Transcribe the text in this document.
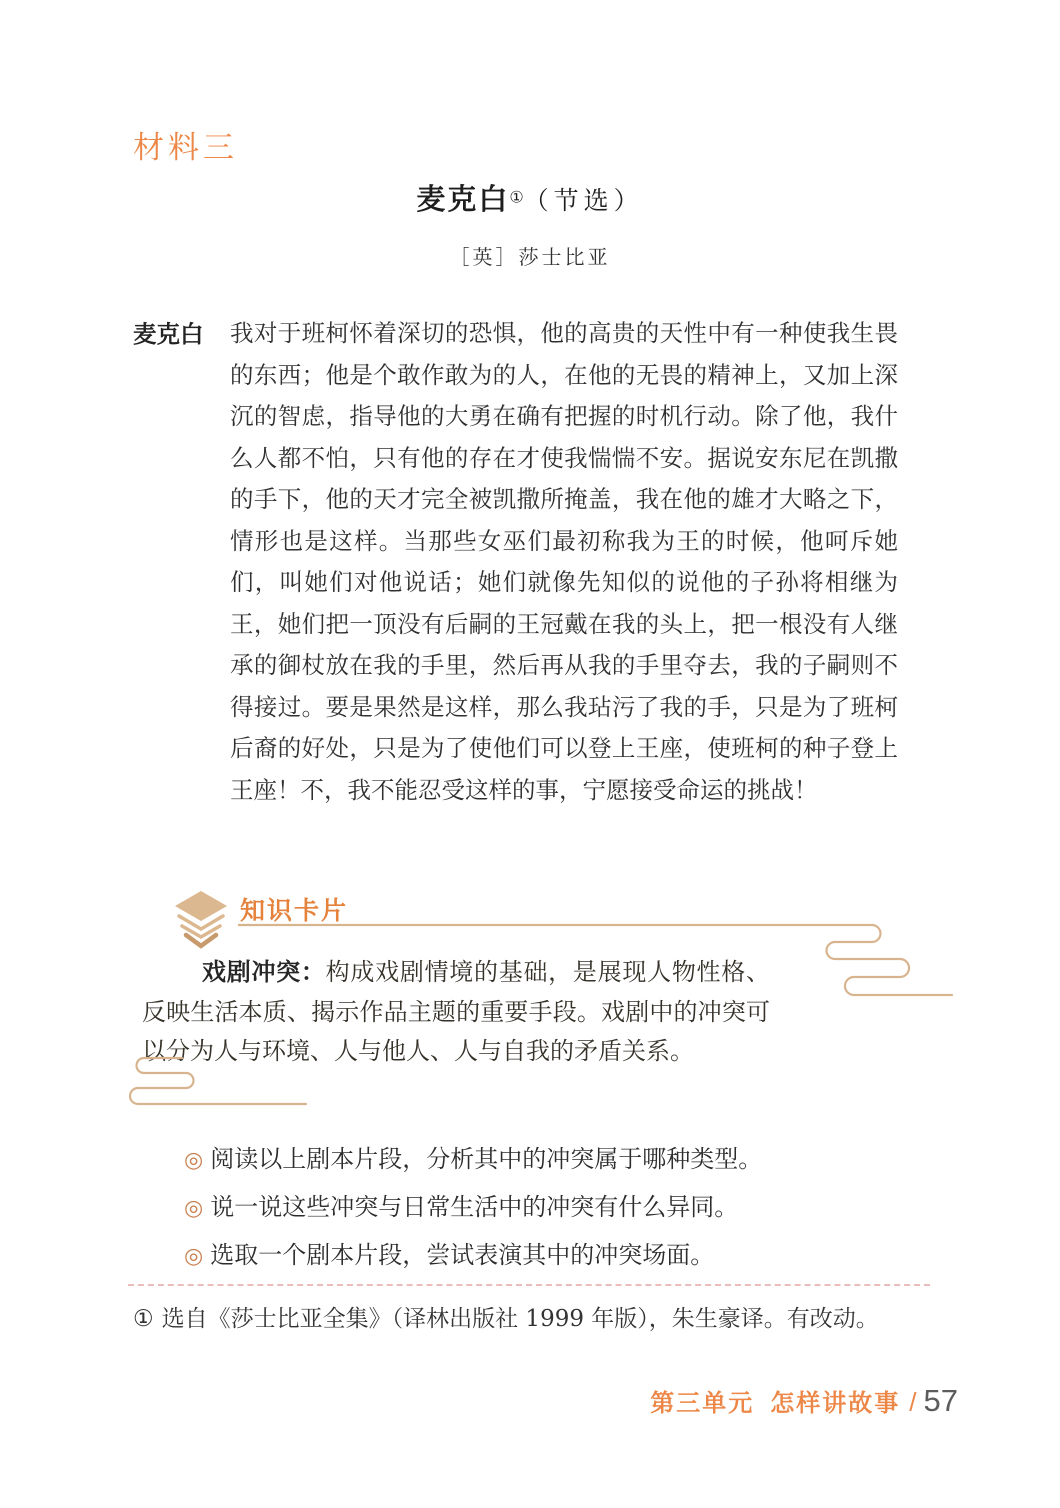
材料三
麦克白①（节选）
［英］莎士比亚
麦克白	我对于班柯怀着深切的恐惧，他的高贵的天性中有一种使我生畏的东西；他是个敢作敢为的人，在他的无畏的精神上，又加上深沉的智虑，指导他的大勇在确有把握的时机行动。除了他，我什么人都不怕，只有他的存在才使我惴惴不安。据说安东尼在凯撒的手下，他的天才完全被凯撒所掩盖，我在他的雄才大略之下，情形也是这样。当那些女巫们最初称我为王的时候，他呵斥她们，叫她们对他说话；她们就像先知似的说他的子孙将相继为王，她们把一顶没有后嗣的王冠戴在我的头上，把一根没有人继承的御杖放在我的手里，然后再从我的手里夺去，我的子嗣则不得接过。要是果然是这样，那么我玷污了我的手，只是为了班柯后裔的好处，只是为了使他们可以登上王座，使班柯的种子登上王座！不，我不能忍受这样的事，宁愿接受命运的挑战！
知识卡片
戏剧冲突：构成戏剧情境的基础，是展现人物性格、反映生活本质、揭示作品主题的重要手段。戏剧中的冲突可以分为人与环境、人与他人、人与自我的矛盾关系。
◎ 阅读以上剧本片段，分析其中的冲突属于哪种类型。
◎ 说一说这些冲突与日常生活中的冲突有什么异同。
◎ 选取一个剧本片段，尝试表演其中的冲突场面。
① 选自《莎士比亚全集》（译林出版社 1999 年版），朱生豪译。有改动。
第三单元 怎样讲故事 / 57
